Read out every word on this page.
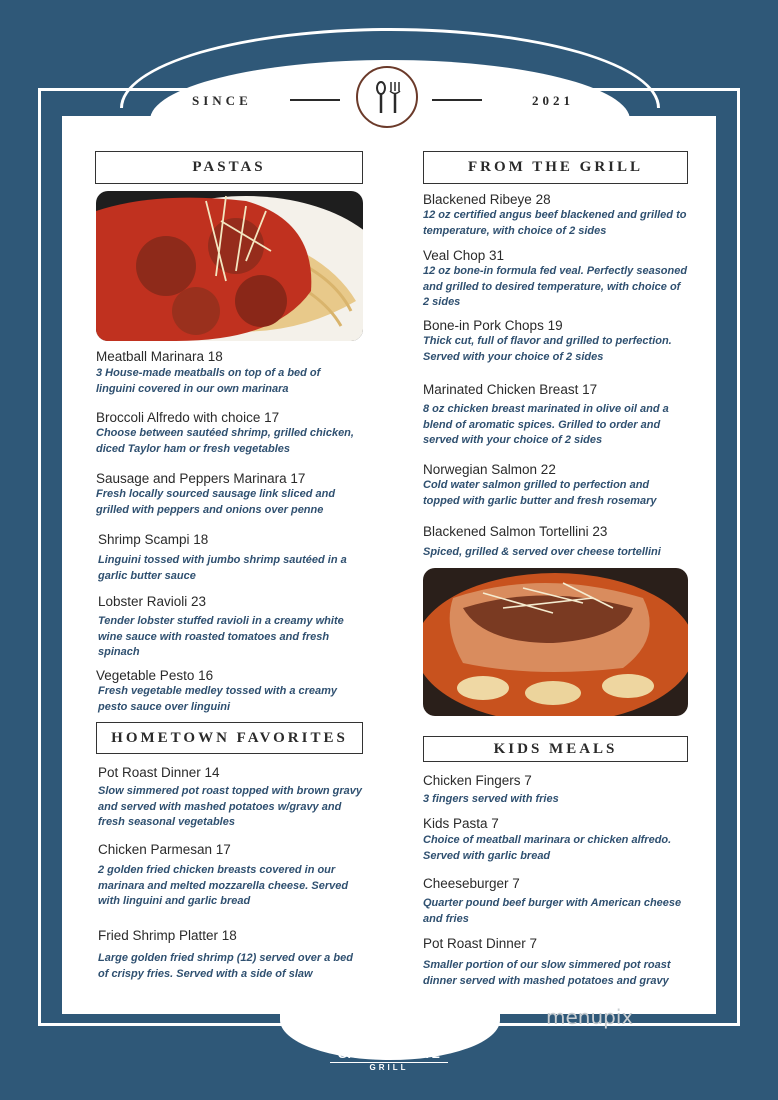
SINCE	2021
PASTAS	FROM THE GRILL
HOMETOWN FAVORITES
KIDS MEALS
Meatball Marinara 18
3 House-made meatballs on top of a bed of linguini covered in our own marinara
Broccoli Alfredo with choice 17
Choose between sautéed shrimp, grilled chicken, diced Taylor ham or fresh vegetables
Sausage and Peppers Marinara 17
Fresh locally sourced sausage link sliced and grilled with peppers and onions over penne
Shrimp Scampi 18
Linguini tossed with jumbo shrimp sautéed in a garlic butter sauce
Lobster Ravioli 23
Tender lobster stuffed ravioli in a creamy white wine sauce with roasted tomatoes and fresh spinach
Vegetable Pesto 16
Fresh vegetable medley tossed with a creamy pesto sauce over linguini
Blackened Ribeye 28
12 oz certified angus beef blackened and grilled to temperature, with choice of 2 sides
Veal Chop 31
12 oz bone-in formula fed veal. Perfectly seasoned and grilled to desired temperature, with choice of 2 sides
Bone-in Pork Chops 19
Thick cut, full of flavor and grilled to perfection. Served with your choice of 2 sides
Marinated Chicken Breast 17
8 oz chicken breast marinated in olive oil and a blend of aromatic spices. Grilled to order and served with your choice of 2 sides
Norwegian Salmon 22
Cold water salmon grilled to perfection and topped with garlic butter and fresh rosemary
Blackened Salmon Tortellini 23
Spiced, grilled & served over cheese tortellini
Pot Roast Dinner 14
Slow simmered pot roast topped with brown gravy and served with mashed potatoes w/gravy and fresh seasonal vegetables
Chicken Parmesan 17
2 golden fried chicken breasts covered in our marinara and melted mozzarella cheese. Served with linguini and garlic bread
Fried Shrimp Platter 18
Large golden fried shrimp (12) served over a bed of crispy fries. Served with a side of slaw
Chicken Fingers 7
3 fingers served with fries
Kids Pasta 7
Choice of meatball marinara or chicken alfredo. Served with garlic bread
Cheeseburger 7
Quarter pound beef burger with American cheese and fries
Pot Roast Dinner 7
Smaller portion of our slow simmered pot roast dinner served with mashed potatoes and gravy
THE
GARDEN STATE
GRILL
menupix
